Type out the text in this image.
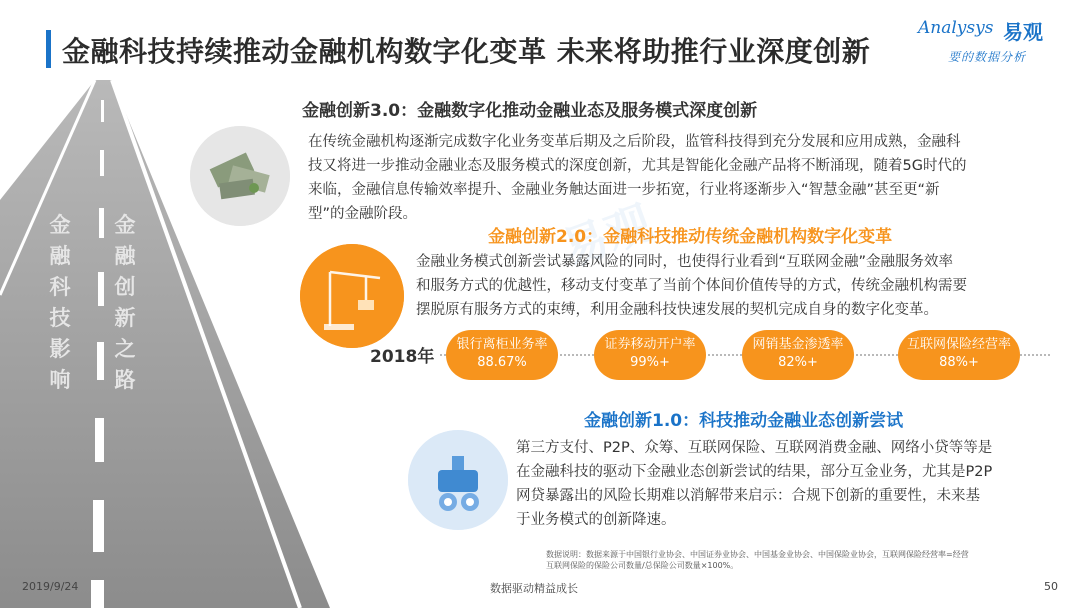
金融科技持续推动金融机构数字化变革 未来将助推行业深度创新
Analysys 易观
要的数据分析
金融科技影响
金融创新之路
易观
金融创新3.0：金融数字化推动金融业态及服务模式深度创新
在传统金融机构逐渐完成数字化业务变革后期及之后阶段，监管科技得到充分发展和应用成熟，金融科
技又将进一步推动金融业态及服务模式的深度创新，尤其是智能化金融产品将不断涌现，随着5G时代的
来临，金融信息传输效率提升、金融业务触达面进一步拓宽，行业将逐渐步入“智慧金融”甚至更“新
型”的金融阶段。
金融创新2.0：金融科技推动传统金融机构数字化变革
金融业务模式创新尝试暴露风险的同时，也使得行业看到“互联网金融”金融服务效率
和服务方式的优越性，移动支付变革了当前个体间价值传导的方式，传统金融机构需要
摆脱原有服务方式的束缚，利用金融科技快速发展的契机完成自身的数字化变革。
2018年
银行离柜业务率
88.67%
证券移动开户率
99%+
网销基金渗透率
82%+
互联网保险经营率
88%+
金融创新1.0：科技推动金融业态创新尝试
第三方支付、P2P、众筹、互联网保险、互联网消费金融、网络小贷等等是
在金融科技的驱动下金融业态创新尝试的结果，部分互金业务，尤其是P2P
网贷暴露出的风险长期难以消解带来启示：合规下创新的重要性，未来基
于业务模式的创新降速。
数据说明：数据来源于中国银行业协会、中国证券业协会、中国基金业协会、中国保险业协会，互联网保险经营率=经营
互联网保险的保险公司数量/总保险公司数量×100%。
2019/9/24	数据驱动精益成长	50
